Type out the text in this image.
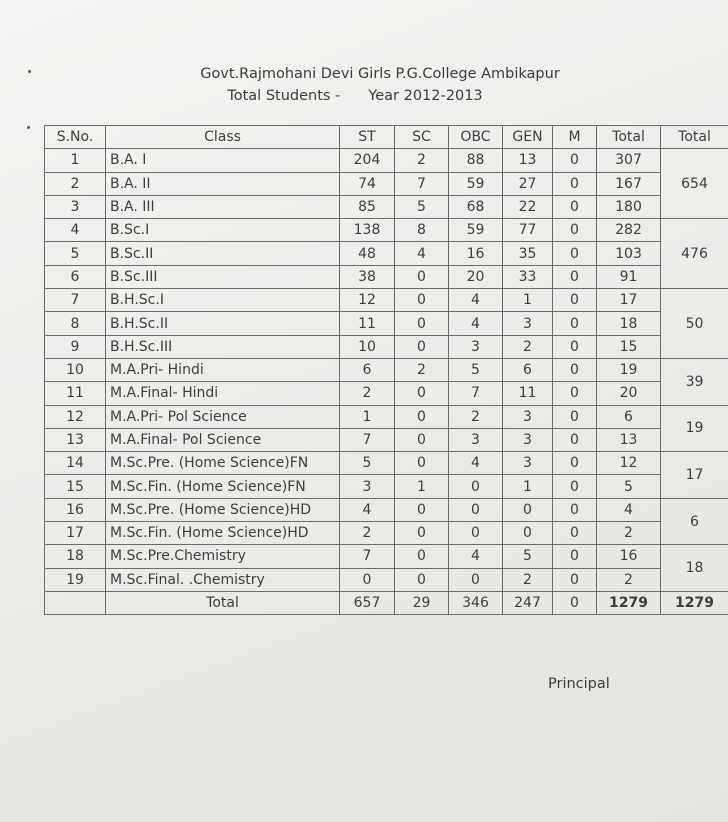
Govt.Rajmohani Devi Girls P.G.College Ambikapur
Total Students - Year 2012-2013
S.No.	Class	ST	SC	OBC	GEN	M	Total	Total
1	B.A. I	204	2	88	13	0	307	654
2	B.A. II	74	7	59	27	0	167	
3	B.A. III	85	5	68	22	0	180	
4	B.Sc.I	138	8	59	77	0	282	476
5	B.Sc.II	48	4	16	35	0	103	
6	B.Sc.III	38	0	20	33	0	91	
7	B.H.Sc.I	12	0	4	1	0	17	50
8	B.H.Sc.II	11	0	4	3	0	18	
9	B.H.Sc.III	10	0	3	2	0	15	
10	M.A.Pri- Hindi	6	2	5	6	0	19	39
11	M.A.Final- Hindi	2	0	7	11	0	20	
12	M.A.Pri- Pol Science	1	0	2	3	0	6	19
13	M.A.Final- Pol Science	7	0	3	3	0	13	
14	M.Sc.Pre. (Home Science)FN	5	0	4	3	0	12	17
15	M.Sc.Fin. (Home Science)FN	3	1	0	1	0	5	
16	M.Sc.Pre. (Home Science)HD	4	0	0	0	0	4	6
17	M.Sc.Fin. (Home Science)HD	2	0	0	0	0	2	
18	M.Sc.Pre.Chemistry	7	0	4	5	0	16	18
19	M.Sc.Final. .Chemistry	0	0	0	2	0	2	
	Total	657	29	346	247	0	1279	1279
Principal
